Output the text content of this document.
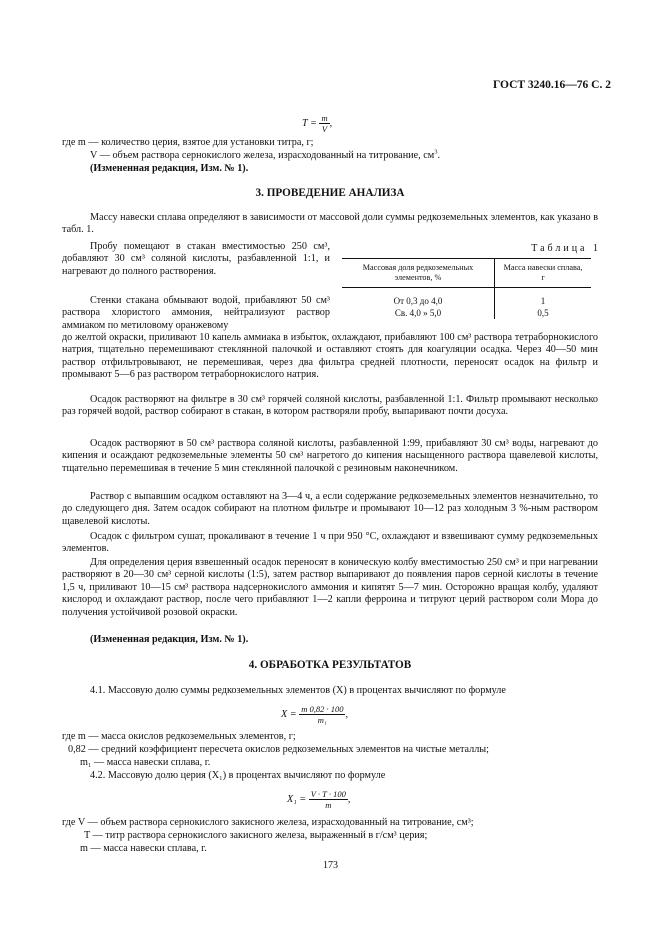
ГОСТ 3240.16—76 С. 2
$T = \frac{m}{V}$ ,
где m — количество церия, взятое для установки титра, г;
V — объем раствора сернокислого железа, израсходованный на титрование, $см^3$.
(Измененная редакция, Изм. № 1).
3. ПРОВЕДЕНИЕ АНАЛИЗА
Массу навески сплава определяют в зависимости от массовой доли суммы редкоземельных элементов, как указано в табл. 1.
Пробу помещают в стакан вместимостью 250 см³, добавляют 30 см³ соляной кислоты, разбавленной 1:1, и нагревают до полного растворения.
Стенки стакана обмывают водой, прибавляют 50 см³ раствора хлористого аммония, нейтрализуют раствор аммиаком по метиловому оранжевому
Таблица 1
Массовая доля редкоземельных элементов, %	Масса навески сплава, г
От 0,3 до 4,0	1
Св. 4,0 » 5,0	0,5
до желтой окраски, приливают 10 капель аммиака в избыток, охлаждают, прибавляют 100 см³ раствора тетраборнокислого натрия, тщательно перемешивают стеклянной палочкой и оставляют стоять для коагуляции осадка. Через 40—50 мин раствор отфильтровывают, не перемешивая, через два фильтра средней плотности, переносят осадок на фильтр и промывают 5—6 раз раствором тетраборнокислого натрия.
Осадок растворяют на фильтре в 30 см³ горячей соляной кислоты, разбавленной 1:1. Фильтр промывают несколько раз горячей водой, раствор собирают в стакан, в котором растворяли пробу, выпаривают почти досуха.
Осадок растворяют в 50 см³ раствора соляной кислоты, разбавленной 1:99, прибавляют 30 см³ воды, нагревают до кипения и осаждают редкоземельные элементы 50 см³ нагретого до кипения насыщенного раствора щавелевой кислоты, тщательно перемешивая в течение 5 мин стеклянной палочкой с резиновым наконечником.
Раствор с выпавшим осадком оставляют на 3—4 ч, а если содержание редкоземельных элементов незначительно, то до следующего дня. Затем осадок собирают на плотном фильтре и промывают 10—12 раз холодным 3 %-ным раствором щавелевой кислоты.
Осадок с фильтром сушат, прокаливают в течение 1 ч при 950 °С, охлаждают и взвешивают сумму редкоземельных элементов.
Для определения церия взвешенный осадок переносят в коническую колбу вместимостью 250 см³ и при нагревании растворяют в 20—30 см³ серной кислоты (1:5), затем раствор выпаривают до появления паров серной кислоты в течение 1,5 ч, приливают 10—15 см³ раствора надсернокислого аммония и кипятят 5—7 мин. Осторожно вращая колбу, удаляют кислород и охлаждают раствор, после чего прибавляют 1—2 капли ферроина и титруют церий раствором соли Мора до получения устойчивой розовой окраски.
(Измененная редакция, Изм. № 1).
4. ОБРАБОТКА РЕЗУЛЬТАТОВ
4.1. Массовую долю суммы редкоземельных элементов (X) в процентах вычисляют по формуле
$X = \frac{m 0,82 \cdot 100}{\text{m₁}}$ ,
где m — масса окислов редкоземельных элементов, г;
0,82 — средний коэффициент пересчета окислов редкоземельных элементов на чистые металлы;
m₁ — масса навески сплава, г.
4.2. Массовую долю церия (X₁) в процентах вычисляют по формуле
$X_1 = \frac{V \cdot T \cdot 100}{m}$ ,
где V — объем раствора сернокислого закисного железа, израсходованный на титрование, см³;
T — титр раствора сернокислого закисного железа, выраженный в г/см³ церия;
m — масса навески сплава, г.
173
